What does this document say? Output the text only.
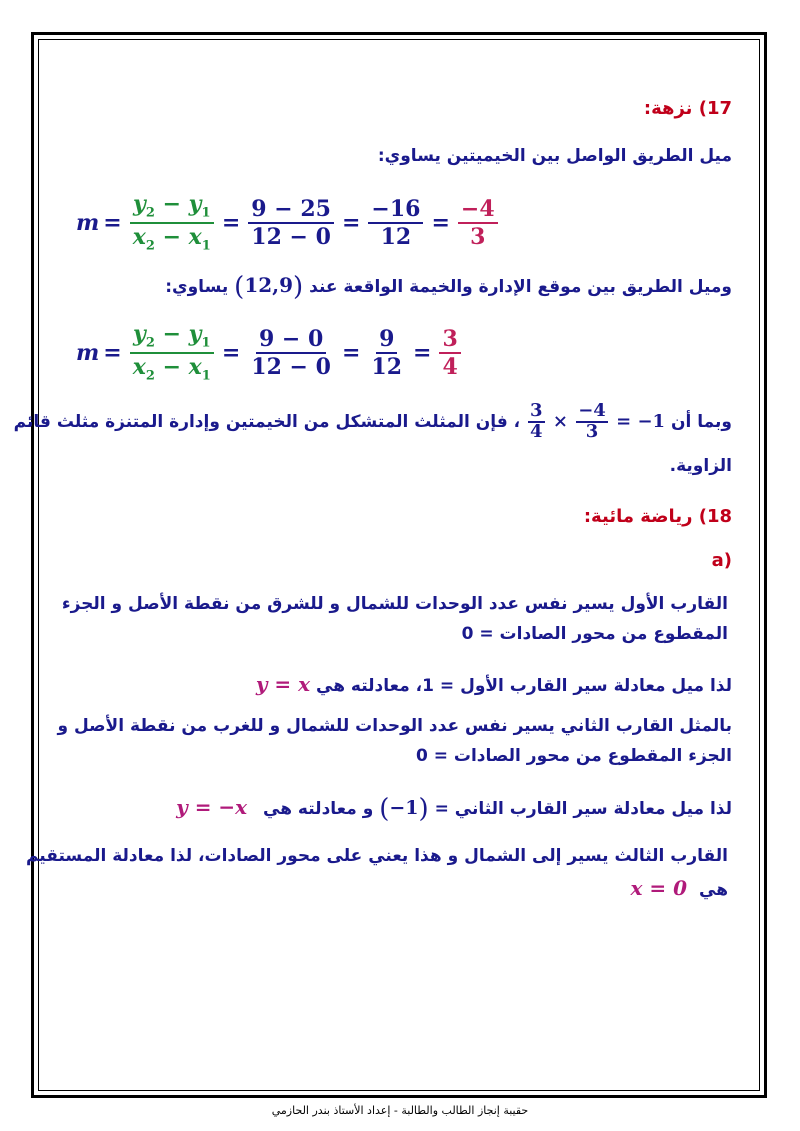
17) نزهة:
ميل الطريق الواصل بين الخيميتين يساوي:
$m = \frac{y_2 - y_1}{x_2 - x_1} = \frac{9 - 25}{12 - 0} = \frac{-16}{12} = \frac{-4}{3}$
وميل الطريق بين موقع الإدارة والخيمة الواقعة عند (12,9) يساوي:
$m = \frac{y_2 - y_1}{x_2 - x_1} = \frac{9 - 0}{12 - 0} = \frac{9}{12} = \frac{3}{4}$
وبما أن
$\frac{3}{4} \times \frac{-4}{3} = -1$ ، فإن المثلث المتشكل من الخيمتين وإدارة المتنزة مثلث قائم
الزاوية.
18) رياضة مائية:
(a
القارب الأول يسير نفس عدد الوحدات للشمال و للشرق من نقطة الأصل و الجزء
المقطوع من محور الصادات = 0
لذا ميل معادلة سير القارب الأول = 1، معادلته هي y = x
بالمثل القارب الثاني يسير نفس عدد الوحدات للشمال و للغرب من نقطة الأصل و
الجزء المقطوع من محور الصادات = 0
لذا ميل معادلة سير القارب الثاني = (−1) و معادلته هي y = −x
القارب الثالث يسير إلى الشمال و هذا يعني على محور الصادات، لذا معادلة المستقيم
هي x = 0
حقيبة إنجاز الطالب والطالبة - إعداد الأستاذ بندر الحازمي
